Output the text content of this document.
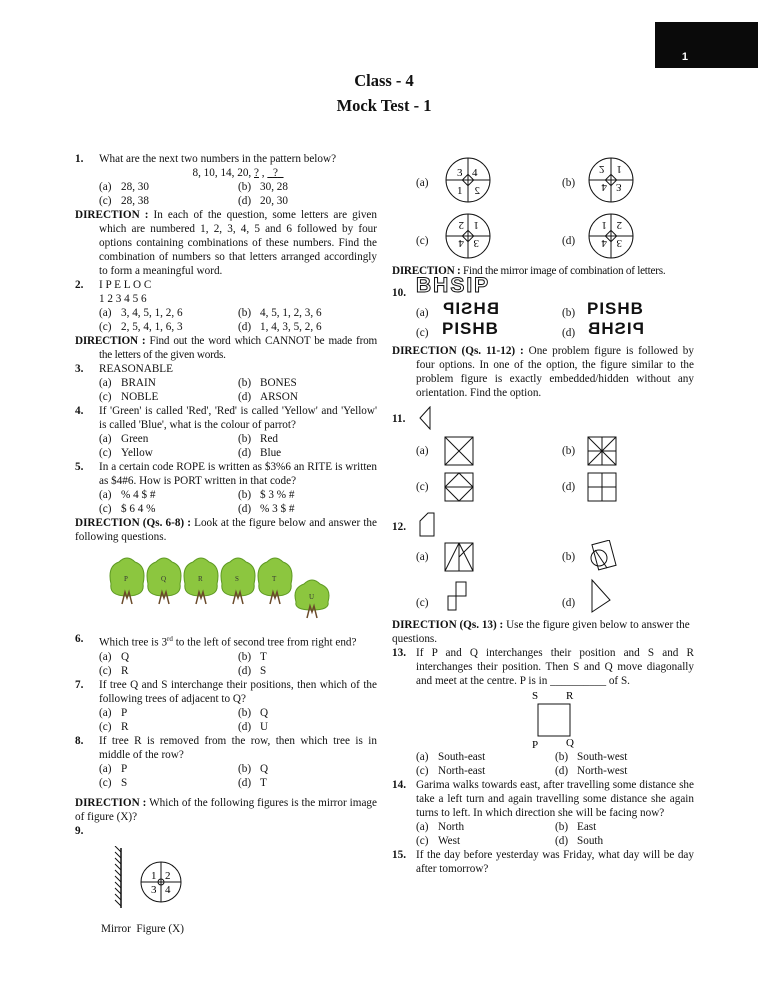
1
Class - 4
Mock Test - 1
1.	What are the next two numbers in the pattern below?
8, 10, 14, 20, ? ,   ?
(a) 28, 30	(b) 30, 28
(c) 28, 38	(d) 20, 30
DIRECTION : In each of the question, some letters are given which are numbered 1, 2, 3, 4, 5 and 6 followed by four options containing combinations of these numbers. Find the combination of numbers so that letters arranged accordingly to form a meaningful word.
2.	I P E L O C
1 2 3 4 5 6
(a) 3, 4, 5, 1, 2, 6	(b) 4, 5, 1, 2, 3, 6
(c) 2, 5, 4, 1, 6, 3	(d) 1, 4, 3, 5, 2, 6
DIRECTION : Find out the word which CANNOT be made from the letters of the given words.
3.	REASONABLE
(a) BRAIN	(b) BONES
(c) NOBLE	(d) ARSON
4.	If 'Green' is called 'Red', 'Red' is called 'Yellow' and 'Yellow' is called 'Blue', what is the colour of parrot?
(a) Green	(b) Red
(c) Yellow	(d) Blue
5.	In a certain code ROPE is written as $3%6 an RITE is written as $4#6. How is PORT written in that code?
(a) % 4 $ #	(b) $ 3 % #
(c) $ 6 4 %	(d) % 3 $ #
DIRECTION (Qs. 6-8) : Look at the figure below and answer the following questions.
P	Q	R	S	T
U
6.	Which tree is 3rd to the left of second tree from right end?
(a) Q	(b) T
(c) R	(d) S
7.	If tree Q and S interchange their positions, then which of the following trees of adjacent to Q?
(a) P	(b) Q
(c) R	(d) U
8.	If tree R is removed from the row, then which tree is in middle of the row?
(a) P	(b) Q
(c) S	(d) T
DIRECTION : Which of the following figures is the mirror image of figure (X)?
9.
1 2
3 4
Mirror Figure (X)
(a)
3 4
1 2
(b)	3
4
1
2
(c)	3
4
1
2
(d)	3
4
2
1
DIRECTION : Find the mirror image of combination of letters.
10. BHSIP
(a) BHSIP	(b) PISHB
(c) PISHB	(d) PISHB
DIRECTION (Qs. 11-12) : One problem figure is followed by four options. In one of the option, the figure similar to the problem figure is exactly embedded/hidden without any orientation. Find the option.
11.
(a)	(b)
(c)	(d)
12.
(a)	(b)
(c)	(d)
DIRECTION (Qs. 13) : Use the figure given below to answer the questions.
13. If P and Q interchanges their position and S and R interchanges their position. Then S and Q move diagonally and meet at the centre. P is in __________ of S.
S	R
P	Q
(a) South-east	(b) South-west
(c) North-east	(d) North-west
14. Garima walks towards east, after travelling some distance she take a left turn and again travelling some distance she again turns to left. In which direction she will be facing now?
(a) North	(b) East
(c) West	(d) South
15. If the day before yesterday was Friday, what day will be day after tomorrow?
